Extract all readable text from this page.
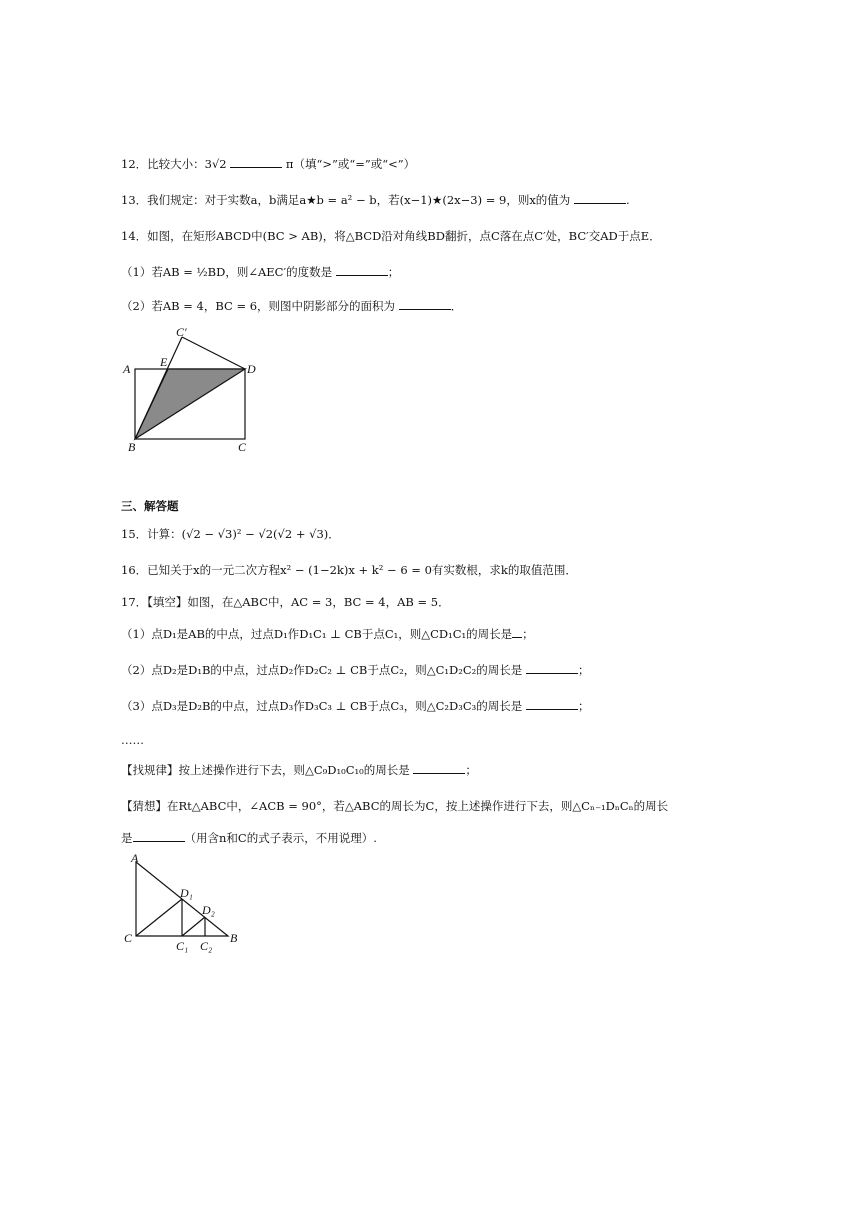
12．比较大小：3√2	π（填“>”或“=”或“<”）
13．我们规定：对于实数a，b满足a★b = a² − b，若(x−1)★(2x−3) = 9，则x的值为	.
14．如图，在矩形ABCD中(BC > AB)，将△BCD沿对角线BD翻折，点C落在点C′处，BC′交AD于点E．
（1）若AB = ½BD，则∠AEC′的度数是	；
（2）若AB = 4，BC = 6，则图中阴影部分的面积为	．
C′
E
A	D
B	C
三、解答题
15．计算：(√2 − √3)² − √2(√2 + √3)．
16．已知关于x的一元二次方程x² − (1−2k)x + k² − 6 = 0有实数根，求k的取值范围．
17．【填空】如图，在△ABC中，AC = 3，BC = 4，AB = 5．
（1）点D₁是AB的中点，过点D₁作D₁C₁ ⊥ CB于点C₁，则△CD₁C₁的周长是 ；
（2）点D₂是D₁B的中点，过点D₂作D₂C₂ ⊥ CB于点C₂，则△C₁D₂C₂的周长是	；
（3）点D₃是D₂B的中点，过点D₃作D₃C₃ ⊥ CB于点C₃，则△C₂D₃C₃的周长是	；
……
【找规律】按上述操作进行下去，则△C₉D₁₀C₁₀的周长是	；
【猜想】在Rt△ABC中，∠ACB = 90°，若△ABC的周长为C，按上述操作进行下去，则△Cₙ₋₁DₙCₙ的周长
是	（用含n和C的式子表示，不用说理）.
A
D₁
D₂
C	B
C₁ C₂
